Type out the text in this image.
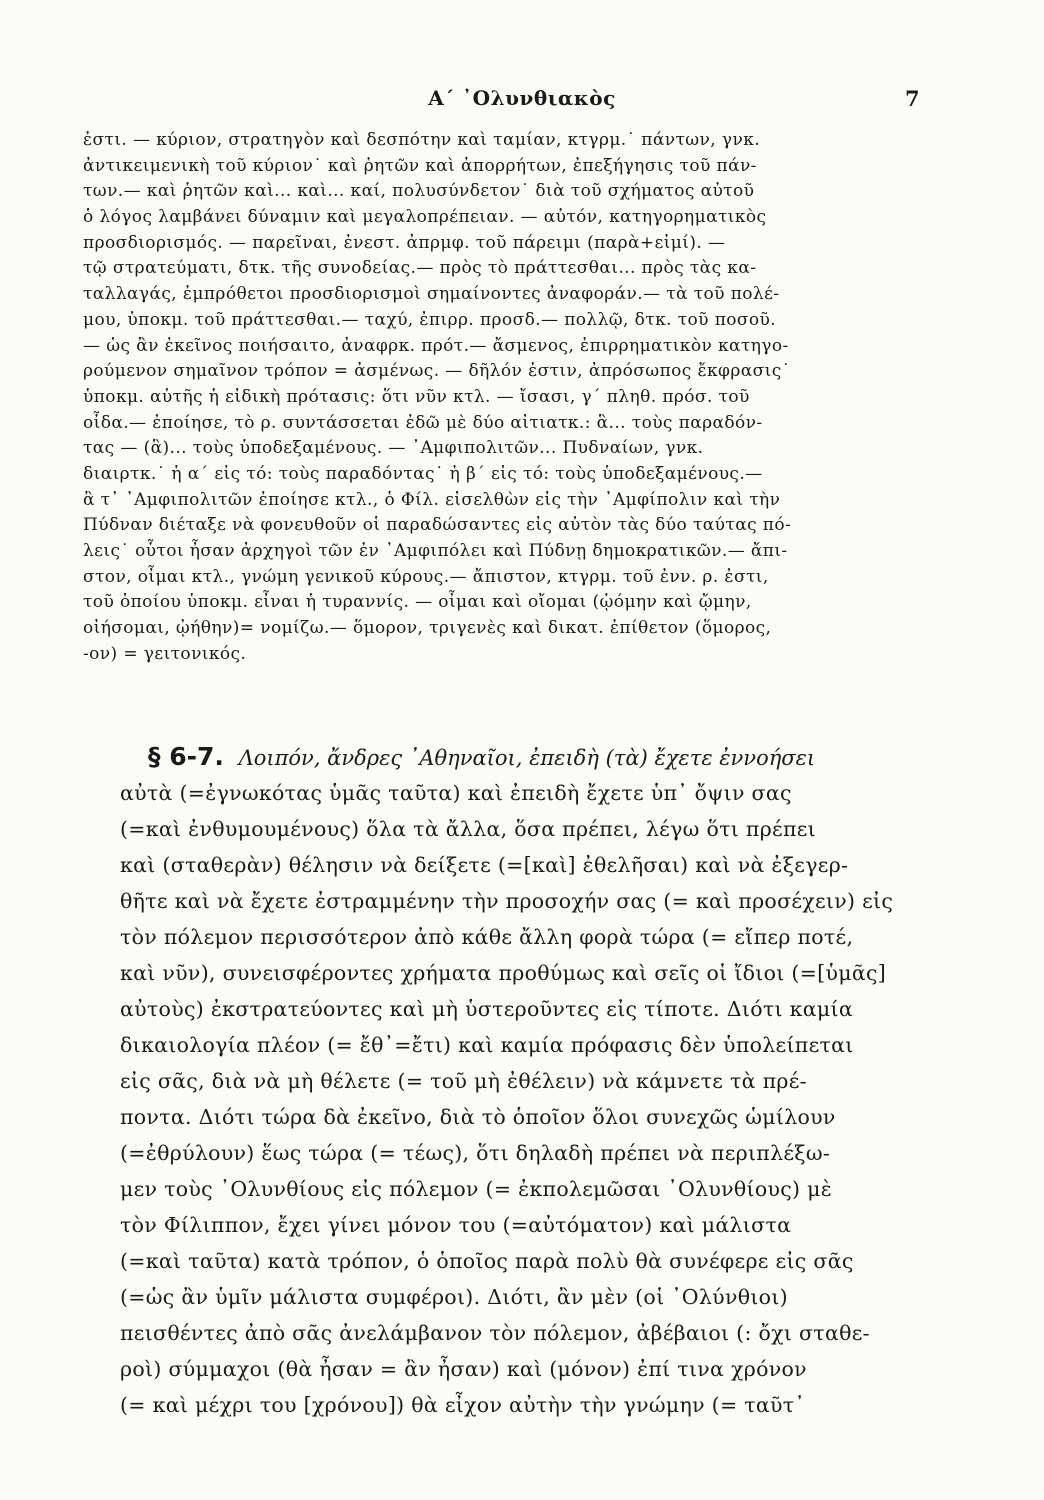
Α΄ ᾿Ολυνθιακὸς	7
ἐστι. — κύριον, στρατηγὸν καὶ δεσπότην καὶ ταμίαν, κτγρμ.˙ πάντων, γνκ.
ἀντικειμενικὴ τοῦ κύριον˙ καὶ ῥητῶν καὶ ἀπορρήτων, ἐπεξήγησις τοῦ πάν-
των.— καὶ ῥητῶν καὶ... καὶ... καί, πολυσύνδετον˙ διὰ τοῦ σχήματος αὐτοῦ
ὁ λόγος λαμβάνει δύναμιν καὶ μεγαλοπρέπειαν. — αὐτόν, κατηγορηματικὸς
προσδιορισμός. — παρεῖναι, ἐνεστ. ἀπρμφ. τοῦ πάρειμι (παρὰ+εἰμί). —
τῷ στρατεύματι, δτκ. τῆς συνοδείας.— πρὸς τὸ πράττεσθαι... πρὸς τὰς κα-
ταλλαγάς, ἐμπρόθετοι προσδιορισμοὶ σημαίνοντες ἀναφοράν.— τὰ τοῦ πολέ-
μου, ὑποκμ. τοῦ πράττεσθαι.— ταχύ, ἐπιρρ. προσδ.— πολλῷ, δτκ. τοῦ ποσοῦ.
— ὡς ἂν ἐκεῖνος ποιήσαιτο, ἀναφρκ. πρότ.— ἄσμενος, ἐπιρρηματικὸν κατηγο-
ρούμενον σημαῖνον τρόπον = ἀσμένως. — δῆλόν ἐστιν, ἀπρόσωπος ἔκφρασις˙
ὑποκμ. αὐτῆς ἡ εἰδικὴ πρότασις: ὅτι νῦν κτλ. — ἴσασι, γ΄ πληθ. πρόσ. τοῦ
οἶδα.— ἐποίησε, τὸ ρ. συντάσσεται ἐδῶ μὲ δύο αἰτιατκ.: ἃ... τοὺς παραδόν-
τας — (ἃ)... τοὺς ὑποδεξαμένους. — ᾿Αμφιπολιτῶν... Πυδναίων, γνκ.
διαιρτκ.˙ ἡ α΄ εἰς τό: τοὺς παραδόντας˙ ἡ β΄ εἰς τό: τοὺς ὑποδεξαμένους.—
ἃ τ᾿ ᾿Αμφιπολιτῶν ἐποίησε κτλ., ὁ Φίλ. εἰσελθὼν εἰς τὴν ᾿Αμφίπολιν καὶ τὴν
Πύδναν διέταξε νὰ φονευθοῦν οἱ παραδώσαντες εἰς αὐτὸν τὰς δύο ταύτας πό-
λεις˙ οὗτοι ἦσαν ἀρχηγοὶ τῶν ἐν ᾿Αμφιπόλει καὶ Πύδνῃ δημοκρατικῶν.— ἄπι-
στον, οἶμαι κτλ., γνώμη γενικοῦ κύρους.— ἄπιστον, κτγρμ. τοῦ ἐνν. ρ. ἐστι,
τοῦ ὁποίου ὑποκμ. εἶναι ἡ τυραννίς. — οἶμαι καὶ οἴομαι (ᾠόμην καὶ ᾤμην,
οἰήσομαι, ᾠήθην)= νομίζω.— ὅμορον, τριγενὲς καὶ δικατ. ἐπίθετον (ὅμορος,
-ον) = γειτονικός.
§ 6-7. Λοιπόν, ἄνδρες ᾿Αθηναῖοι, ἐπειδὴ (τὰ) ἔχετε ἐννοήσει
αὐτὰ (=ἐγνωκότας ὑμᾶς ταῦτα) καὶ ἐπειδὴ ἔχετε ὑπ᾿ ὄψιν σας
(=καὶ ἐνθυμουμένους) ὅλα τὰ ἄλλα, ὅσα πρέπει, λέγω ὅτι πρέπει
καὶ (σταθερὰν) θέλησιν νὰ δείξετε (=[καὶ] ἐθελῆσαι) καὶ νὰ ἐξεγερ-
θῆτε καὶ νὰ ἔχετε ἐστραμμένην τὴν προσοχήν σας (= καὶ προσέχειν) εἰς
τὸν πόλεμον περισσότερον ἀπὸ κάθε ἄλλη φορὰ τώρα (= εἴπερ ποτέ,
καὶ νῦν), συνεισφέροντες χρήματα προθύμως καὶ σεῖς οἱ ἴδιοι (=[ὑμᾶς]
αὐτοὺς) ἐκστρατεύοντες καὶ μὴ ὑστεροῦντες εἰς τίποτε. Διότι καμία
δικαιολογία πλέον (= ἔθ᾿=ἔτι) καὶ καμία πρόφασις δὲν ὑπολείπεται
εἰς σᾶς, διὰ νὰ μὴ θέλετε (= τοῦ μὴ ἐθέλειν) νὰ κάμνετε τὰ πρέ-
ποντα. Διότι τώρα δὰ ἐκεῖνο, διὰ τὸ ὁποῖον ὅλοι συνεχῶς ὡμίλουν
(=ἐθρύλουν) ἕως τώρα (= τέως), ὅτι δηλαδὴ πρέπει νὰ περιπλέξω-
μεν τοὺς ᾿Ολυνθίους εἰς πόλεμον (= ἐκπολεμῶσαι ᾿Ολυνθίους) μὲ
τὸν Φίλιππον, ἔχει γίνει μόνον του (=αὐτόματον) καὶ μάλιστα
(=καὶ ταῦτα) κατὰ τρόπον, ὁ ὁποῖος παρὰ πολὺ θὰ συνέφερε εἰς σᾶς
(=ὡς ἂν ὑμῖν μάλιστα συμφέροι). Διότι, ἂν μὲν (οἱ ᾿Ολύνθιοι)
πεισθέντες ἀπὸ σᾶς ἀνελάμβανον τὸν πόλεμον, ἀβέβαιοι (: ὄχι σταθε-
ροὶ) σύμμαχοι (θὰ ἦσαν = ἂν ἦσαν) καὶ (μόνον) ἐπί τινα χρόνον
(= καὶ μέχρι του [χρόνου]) θὰ εἶχον αὐτὴν τὴν γνώμην (= ταῦτ᾿
